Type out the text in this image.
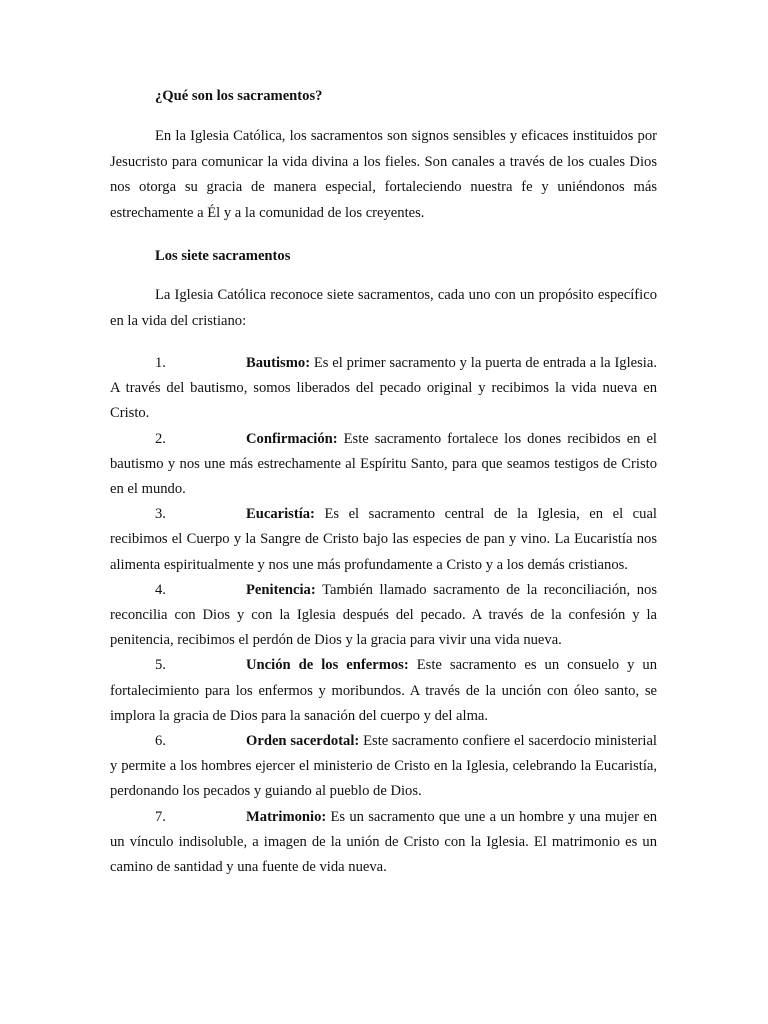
¿Qué son los sacramentos?

En la Iglesia Católica, los sacramentos son signos sensibles y eficaces instituidos por Jesucristo para comunicar la vida divina a los fieles. Son canales a través de los cuales Dios nos otorga su gracia de manera especial, fortaleciendo nuestra fe y uniéndonos más estrechamente a Él y a la comunidad de los creyentes.

Los siete sacramentos

La Iglesia Católica reconoce siete sacramentos, cada uno con un propósito específico en la vida del cristiano:

1.	Bautismo: Es el primer sacramento y la puerta de entrada a la Iglesia. A través del bautismo, somos liberados del pecado original y recibimos la vida nueva en Cristo.

2.	Confirmación: Este sacramento fortalece los dones recibidos en el bautismo y nos une más estrechamente al Espíritu Santo, para que seamos testigos de Cristo en el mundo.

3.	Eucaristía: Es el sacramento central de la Iglesia, en el cual recibimos el Cuerpo y la Sangre de Cristo bajo las especies de pan y vino. La Eucaristía nos alimenta espiritualmente y nos une más profundamente a Cristo y a los demás cristianos.

4.	Penitencia: También llamado sacramento de la reconciliación, nos reconcilia con Dios y con la Iglesia después del pecado. A través de la confesión y la penitencia, recibimos el perdón de Dios y la gracia para vivir una vida nueva.

5.	Unción de los enfermos: Este sacramento es un consuelo y un fortalecimiento para los enfermos y moribundos. A través de la unción con óleo santo, se implora la gracia de Dios para la sanación del cuerpo y del alma.

6.	Orden sacerdotal: Este sacramento confiere el sacerdocio ministerial y permite a los hombres ejercer el ministerio de Cristo en la Iglesia, celebrando la Eucaristía, perdonando los pecados y guiando al pueblo de Dios.

7.	Matrimonio: Es un sacramento que une a un hombre y una mujer en un vínculo indisoluble, a imagen de la unión de Cristo con la Iglesia. El matrimonio es un camino de santidad y una fuente de vida nueva.
